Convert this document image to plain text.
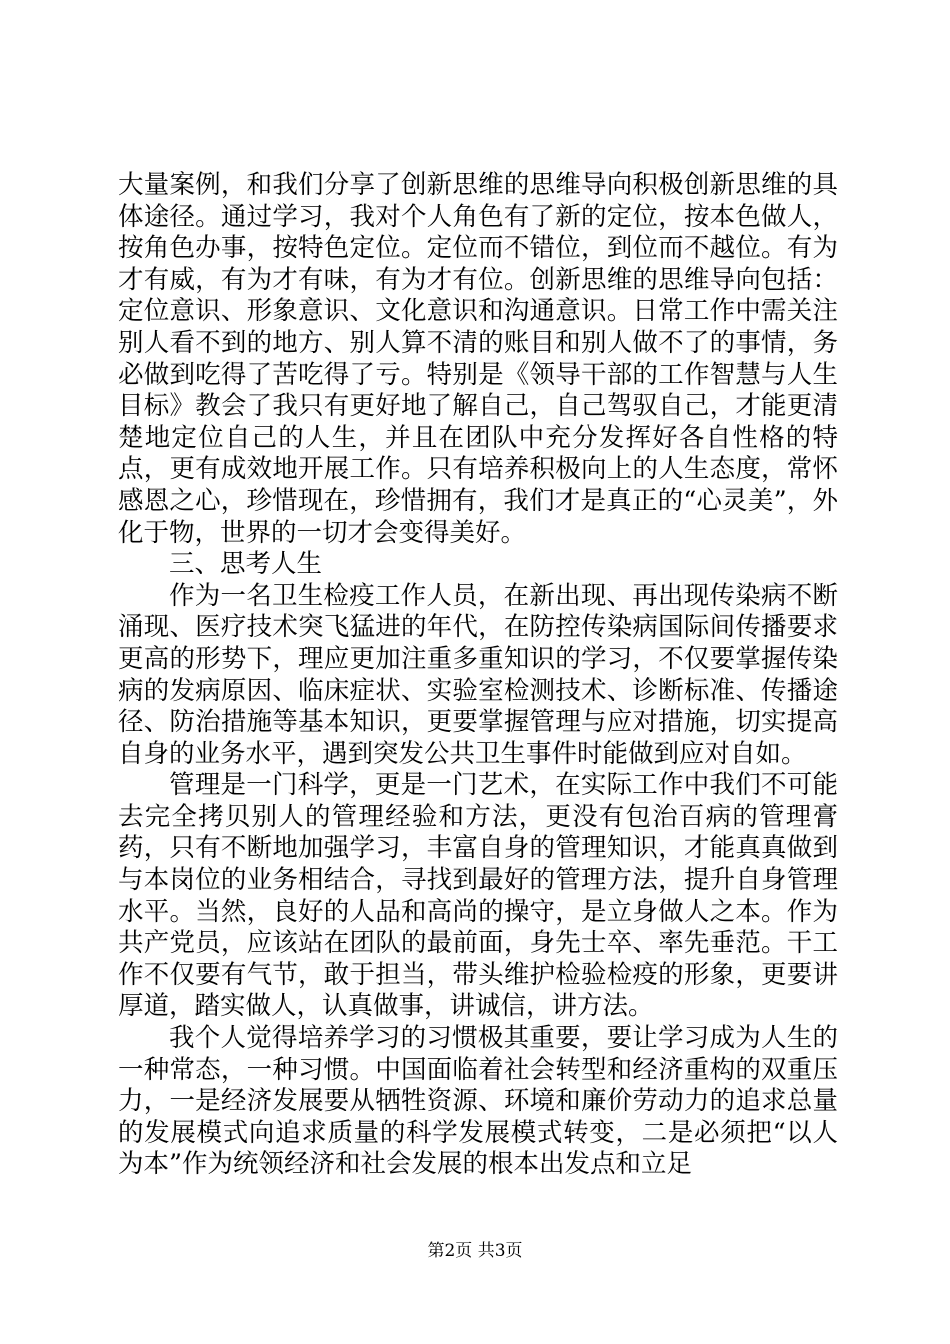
大量案例，和我们分享了创新思维的思维导向积极创新思维的具体途径。通过学习，我对个人角色有了新的定位，按本色做人，按角色办事，按特色定位。定位而不错位，到位而不越位。有为才有威，有为才有味，有为才有位。创新思维的思维导向包括：定位意识、形象意识、文化意识和沟通意识。日常工作中需关注别人看不到的地方、别人算不清的账目和别人做不了的事情，务必做到吃得了苦吃得了亏。特别是《领导干部的工作智慧与人生目标》教会了我只有更好地了解自己，自己驾驭自己，才能更清楚地定位自己的人生，并且在团队中充分发挥好各自性格的特点，更有成效地开展工作。只有培养积极向上的人生态度，常怀感恩之心，珍惜现在，珍惜拥有，我们才是真正的“心灵美”，外化于物，世界的一切才会变得美好。

三、思考人生

作为一名卫生检疫工作人员，在新出现、再出现传染病不断涌现、医疗技术突飞猛进的年代，在防控传染病国际间传播要求更高的形势下，理应更加注重多重知识的学习，不仅要掌握传染病的发病原因、临床症状、实验室检测技术、诊断标准、传播途径、防治措施等基本知识，更要掌握管理与应对措施，切实提高自身的业务水平，遇到突发公共卫生事件时能做到应对自如。

管理是一门科学，更是一门艺术，在实际工作中我们不可能去完全拷贝别人的管理经验和方法，更没有包治百病的管理膏药，只有不断地加强学习，丰富自身的管理知识，才能真真做到与本岗位的业务相结合，寻找到最好的管理方法，提升自身管理水平。当然，良好的人品和高尚的操守，是立身做人之本。作为共产党员，应该站在团队的最前面，身先士卒、率先垂范。干工作不仅要有气节，敢于担当，带头维护检验检疫的形象，更要讲厚道，踏实做人，认真做事，讲诚信，讲方法。

我个人觉得培养学习的习惯极其重要，要让学习成为人生的一种常态，一种习惯。中国面临着社会转型和经济重构的双重压力，一是经济发展要从牺牲资源、环境和廉价劳动力的追求总量的发展模式向追求质量的科学发展模式转变，二是必须把“以人为本”作为统领经济和社会发展的根本出发点和立足

第2页 共3页
